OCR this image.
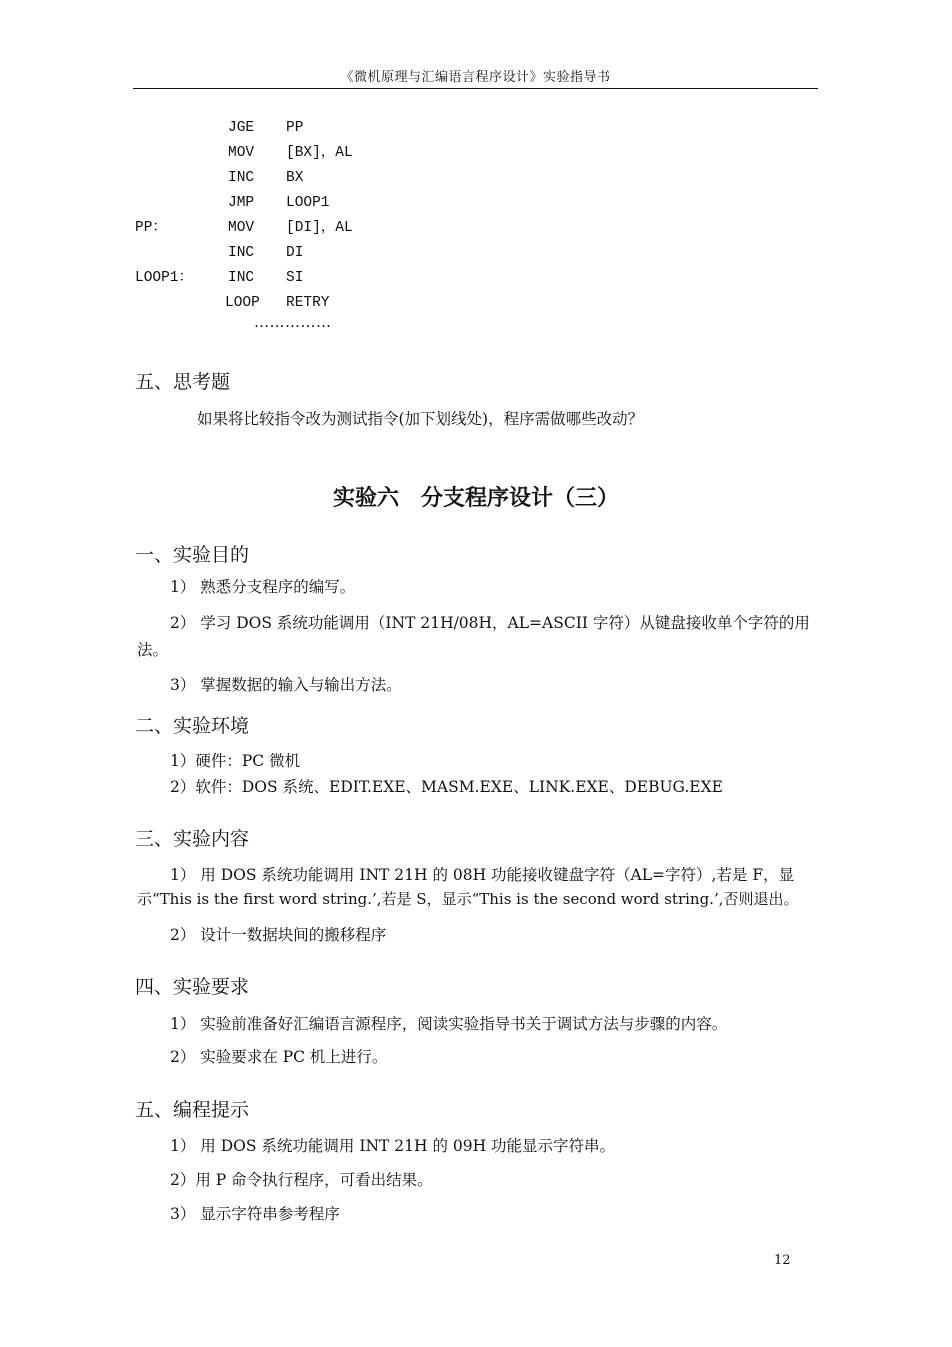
《微机原理与汇编语言程序设计》实验指导书
JGE PP
MOV [BX]，AL
INC BX
JMP LOOP1
PP：	MOV [DI]，AL
INC DI
LOOP1： INC SI
LOOP RETRY
……………
五、思考题
如果将比较指令改为测试指令(加下划线处)，程序需做哪些改动？
实验六　分支程序设计（三）
一、实验目的
1） 熟悉分支程序的编写。
2） 学习 DOS 系统功能调用（INT 21H/08H，AL=ASCII 字符）从键盘接收单个字符的用
法。
3） 掌握数据的输入与输出方法。
二、实验环境
1）硬件：PC 微机
2）软件：DOS 系统、EDIT.EXE、MASM.EXE、LINK.EXE、DEBUG.EXE
三、实验内容
1） 用 DOS 系统功能调用 INT 21H 的 08H 功能接收键盘字符（AL=字符）,若是 F，显
示“This is the first word string.’,若是 S，显示“This is the second word string.’,否则退出。
2） 设计一数据块间的搬移程序
四、实验要求
1） 实验前准备好汇编语言源程序，阅读实验指导书关于调试方法与步骤的内容。
2） 实验要求在 PC 机上进行。
五、编程提示
1） 用 DOS 系统功能调用 INT 21H 的 09H 功能显示字符串。
2）用 P 命令执行程序，可看出结果。
3） 显示字符串参考程序
12
